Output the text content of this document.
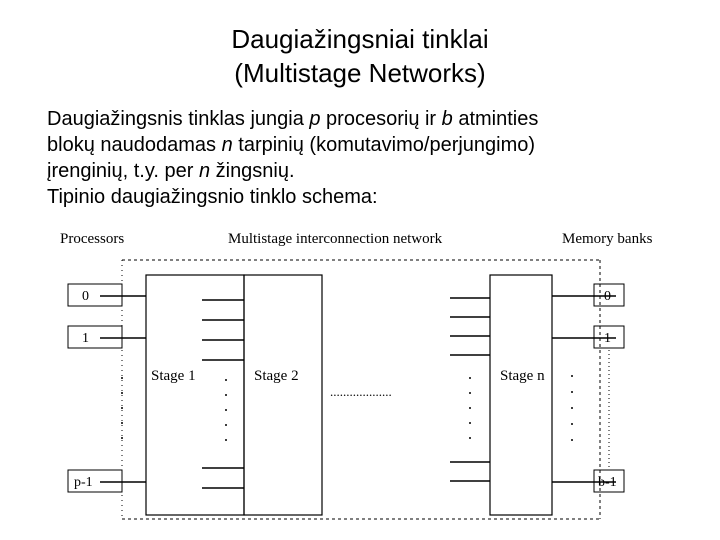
Daugiažingsniai tinklai
(Multistage Networks)
Daugiažingsnis tinklas jungia p procesorių ir b atminties
blokų naudodamas n tarpinių (komutavimo/perjungimo)
įrenginių, t.y. per n žingsnių.
Tipinio daugiažingsnio tinklo schema:
Processors	Multistage interconnection network	Memory banks
0
1
p-1
Stage 1	Stage 2	Stage n
...................
0
1
b-1
